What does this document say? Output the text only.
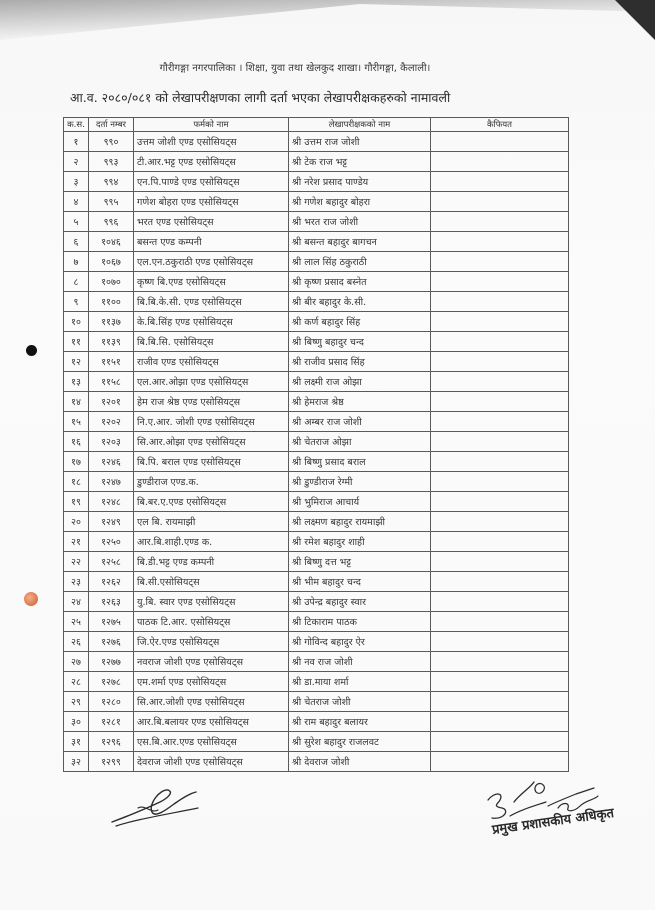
गौरीगङ्गा नगरपालिका । शिक्षा, युवा तथा खेलकुद शाखा। गौरीगङ्गा, कैलाली।
आ.व. २०८०/०८१ को लेखापरीक्षणका लागी दर्ता भएका लेखापरीक्षकहरुको नामावली
क.स.	दर्ता नम्बर	फर्मको नाम	लेखापरीक्षकको नाम	कैफियत
१	९९०	उत्तम जोशी एण्ड एसोसियट्स	श्री उत्तम राज जोशी	
२	९९३	टी.आर.भट्ट एण्ड एसोसियट्स	श्री टेक राज भट्ट	
३	९९४	एन.पि.पाण्डे एण्ड एसोसियट्स	श्री नरेश प्रसाद पाण्डेय	
४	९९५	गणेश बोहरा एण्ड एसोसियट्स	श्री गणेश बहादुर बोहरा	
५	९९६	भरत एण्ड एसोसियट्स	श्री भरत राज जोशी	
६	१०४६	बसन्त एण्ड कम्पनी	श्री बसन्त बहादुर बागचन	
७	१०६७	एल.एन.ठकुराठी एण्ड एसोसियट्स	श्री लाल सिंह ठकुराठी	
८	१०७०	कृष्ण बि.एण्ड एसोसियट्स	श्री कृष्ण प्रसाद बस्नेत	
९	११००	बि.बि.के.सी. एण्ड एसोसियट्स	श्री बीर बहादुर के.सी.	
१०	११३७	के.बि.सिंह एण्ड एसोसियट्स	श्री कर्ण बहादुर सिंह	
११	११३९	बि.बि.सि. एसोसियट्स	श्री बिष्णु बहादुर चन्द	
१२	११५१	राजीव एण्ड एसोसियट्स	श्री राजीव प्रसाद सिंह	
१३	११५८	एल.आर.ओझा एण्ड एसोसियट्स	श्री लक्ष्मी राज ओझा	
१४	१२०१	हेम राज श्रेष्ठ एण्ड एसोसियट्स	श्री हेमराज श्रेष्ठ	
१५	१२०२	नि.ए.आर. जोशी एण्ड एसोसियट्स	श्री अम्बर राज जोशी	
१६	१२०३	सि.आर.ओझा एण्ड एसोसियट्स	श्री चेतराज ओझा	
१७	१२४६	बि.पि. बराल एण्ड एसोसियट्स	श्री बिष्णु प्रसाद बराल	
१८	१२४७	डुण्डीराज एण्ड.क.	श्री डुण्डीराज रेग्मी	
१९	१२४८	बि.बर.ए.एण्ड एसोसियट्स	श्री भुमिराज आचार्य	
२०	१२४९	एल बि. रायमाझी	श्री लक्ष्मण बहादुर रायमाझी	
२१	१२५०	आर.बि.शाही.एण्ड क.	श्री रमेश बहादुर शाही	
२२	१२५८	बि.डी.भट्ट एण्ड कम्पनी	श्री बिष्णु दत्त भट्ट	
२३	१२६२	बि.सी.एसोसियट्स	श्री भीम बहादुर चन्द	
२४	१२६३	यु.बि. स्वार एण्ड एसोसियट्स	श्री उपेन्द्र बहादुर स्वार	
२५	१२७५	पाठक टि.आर. एसोसियट्स	श्री टिकाराम पाठक	
२६	१२७६	जि.ऐर.एण्ड एसोसियट्स	श्री गोविन्द बहादुर ऐर	
२७	१२७७	नवराज जोशी एण्ड एसोसियट्स	श्री नव राज जोशी	
२८	१२७८	एम.शर्मा एण्ड एसोसियट्स	श्री डा.माया शर्मा	
२९	१२८०	सि.आर.जोशी एण्ड एसोसियट्स	श्री चेतराज जोशी	
३०	१२८१	आर.बि.बलायर एण्ड एसोसियट्स	श्री राम बहादुर बलायर	
३१	१२९६	एस.बि.आर.एण्ड एसोसियट्स	श्री सुरेश बहादुर राजलवट	
३२	१२९९	देवराज जोशी एण्ड एसोसियट्स	श्री देवराज जोशी	
प्रमुख प्रशासकीय अधिकृत
